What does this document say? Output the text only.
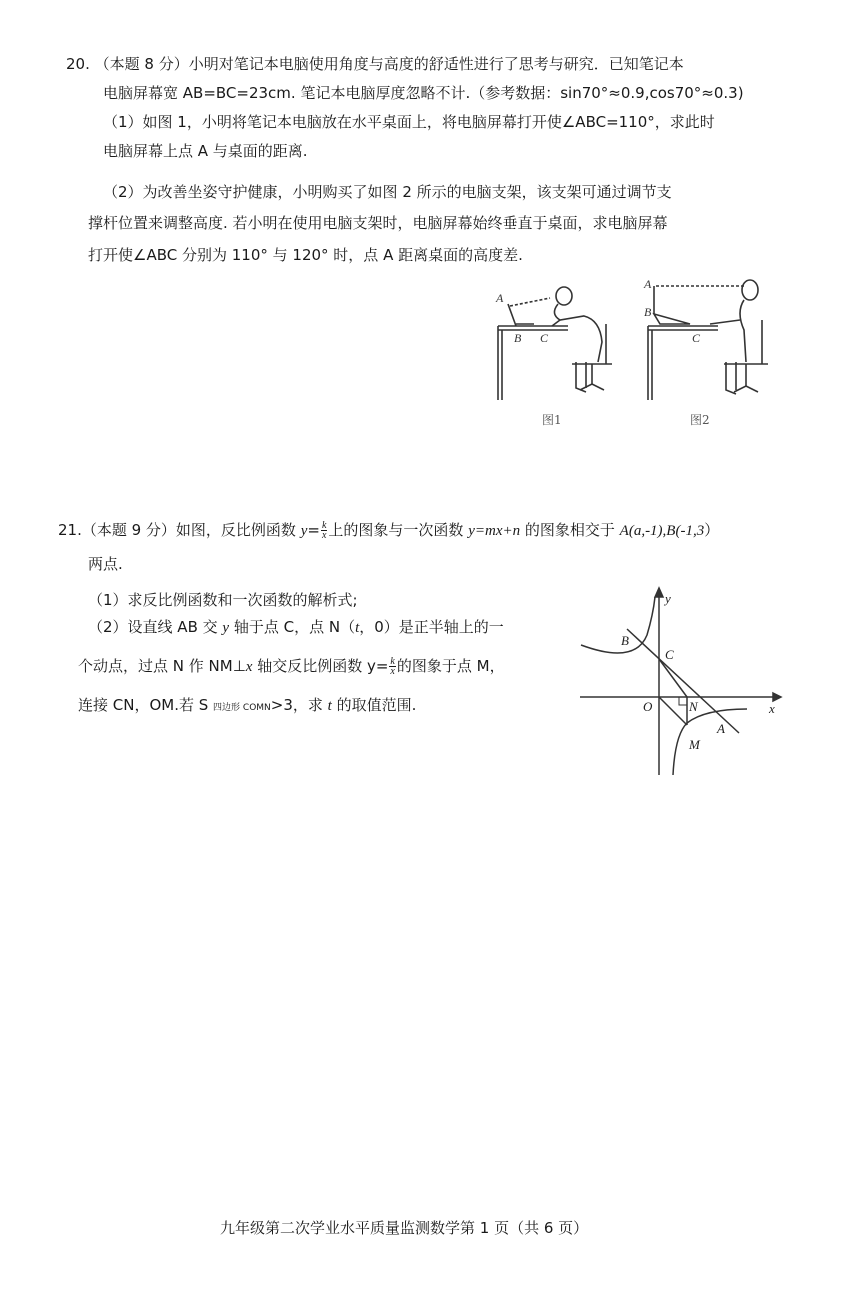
20. （本题 8 分）小明对笔记本电脑使用角度与高度的舒适性进行了思考与研究．已知笔记本
电脑屏幕宽 AB=BC=23cm. 笔记本电脑厚度忽略不计.（参考数据：sin70°≈0.9,cos70°≈0.3)
（1）如图 1，小明将笔记本电脑放在水平桌面上，将电脑屏幕打开使∠ABC=110°，求此时
电脑屏幕上点 A 与桌面的距离.
（2）为改善坐姿守护健康，小明购买了如图 2 所示的电脑支架，该支架可通过调节支
撑杆位置来调整高度. 若小明在使用电脑支架时，电脑屏幕始终垂直于桌面，求电脑屏幕
打开使∠ABC 分别为 110° 与 120° 时，点 A 距离桌面的高度差.
A
B C
图1
A
B
C
图2
21.（本题 9 分）如图，反比例函数 $y= \frac{k}{x}$ 上的图象与一次函数 y=mx+n 的图象相交于 A(a,-1),B(-1,3）
两点.
（1）求反比例函数和一次函数的解析式;
（2）设直线 AB 交 y 轴于点 C，点 N（t，0）是正半轴上的一
个动点，过点 N 作 NM⊥x 轴交反比例函数 $y= \frac{k}{x}$ 的图象于点 M，
连接 CN，OM.若 S 四边形 COMN>3，求 t 的取值范围.
y
x
O
B
C
N
A
M
九年级第二次学业水平质量监测数学第 1 页（共 6 页）
